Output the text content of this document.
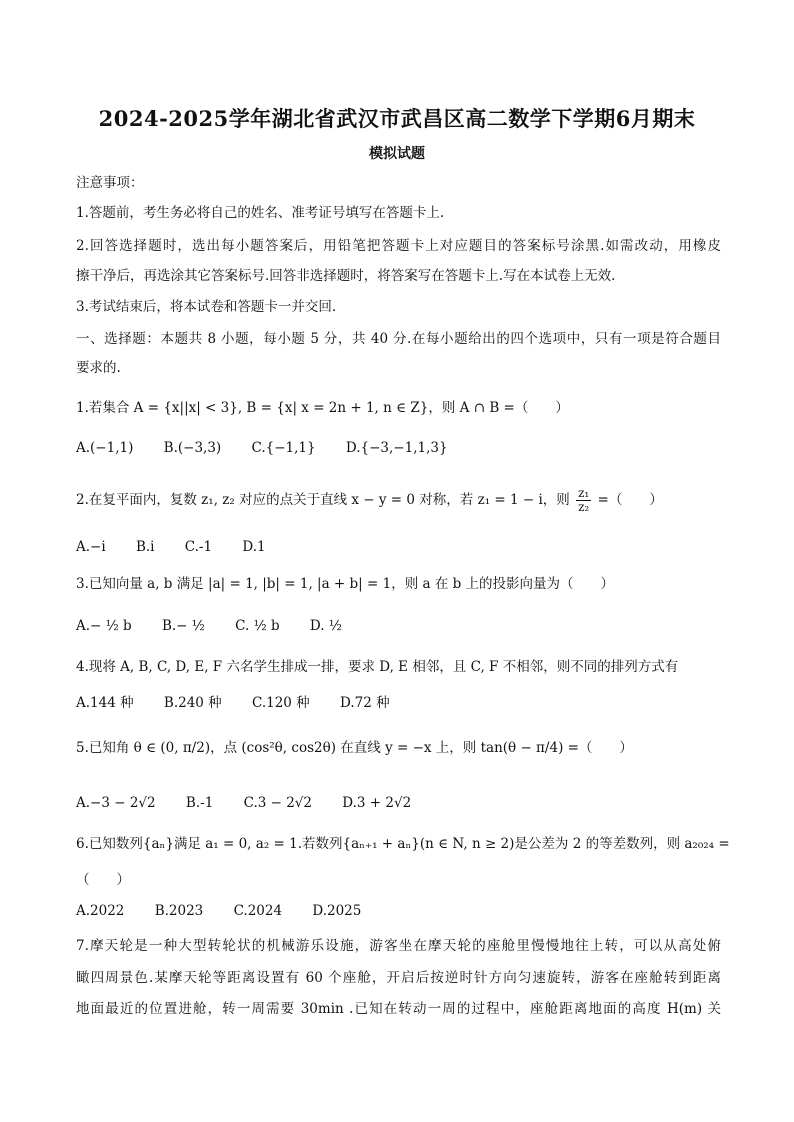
2024-2025学年湖北省武汉市武昌区高二数学下学期6月期末
模拟试题
注意事项：
1.答题前，考生务必将自己的姓名、准考证号填写在答题卡上.
2.回答选择题时，选出每小题答案后，用铅笔把答题卡上对应题目的答案标号涂黑.如需改动，用橡皮
擦干净后，再选涂其它答案标号.回答非选择题时，将答案写在答题卡上.写在本试卷上无效.
3.考试结束后，将本试卷和答题卡一并交回.
一、选择题：本题共 8 小题，每小题 5 分，共 40 分.在每小题给出的四个选项中，只有一项是符合题目
要求的.
1.若集合 A = {x||x| < 3}, B = {x| x = 2n + 1, n ∈ Z}，则 A ∩ B =（　　）
A.(−1,1) B.(−3,3) C.{−1,1} D.{−3,−1,1,3}
2.在复平面内，复数 z₁, z₂ 对应的点关于直线 x − y = 0 对称，若 z₁ = 1 − i，则 $\frac{\text{z₁}}{\text{z₂}}$ =（　　）
A.−i B.i C.-1 D.1
3.已知向量 a, b 满足 |a| = 1, |b| = 1, |a + b| = 1，则 a 在 b 上的投影向量为（　　）
A.− ½ b B.− ½ C. ½ b D. ½
4.现将 A, B, C, D, E, F 六名学生排成一排，要求 D, E 相邻，且 C, F 不相邻，则不同的排列方式有
A.144 种 B.240 种 C.120 种 D.72 种
5.已知角 θ ∈ (0, π/2)，点 (cos²θ, cos2θ) 在直线 y = −x 上，则 tan(θ − π/4) =（　　）
A.−3 − 2√2 B.-1 C.3 − 2√2 D.3 + 2√2
6.已知数列{aₙ}满足 a₁ = 0, a₂ = 1.若数列{aₙ₊₁ + aₙ}(n ∈ N, n ≥ 2)是公差为 2 的等差数列，则 a₂₀₂₄ =
（　　）
A.2022 B.2023 C.2024 D.2025
7.摩天轮是一种大型转轮状的机械游乐设施，游客坐在摩天轮的座舱里慢慢地往上转，可以从高处俯
瞰四周景色.某摩天轮等距离设置有 60 个座舱，开启后按逆时针方向匀速旋转，游客在座舱转到距离
地面最近的位置进舱，转一周需要 30min .已知在转动一周的过程中，座舱距离地面的高度 H(m) 关
